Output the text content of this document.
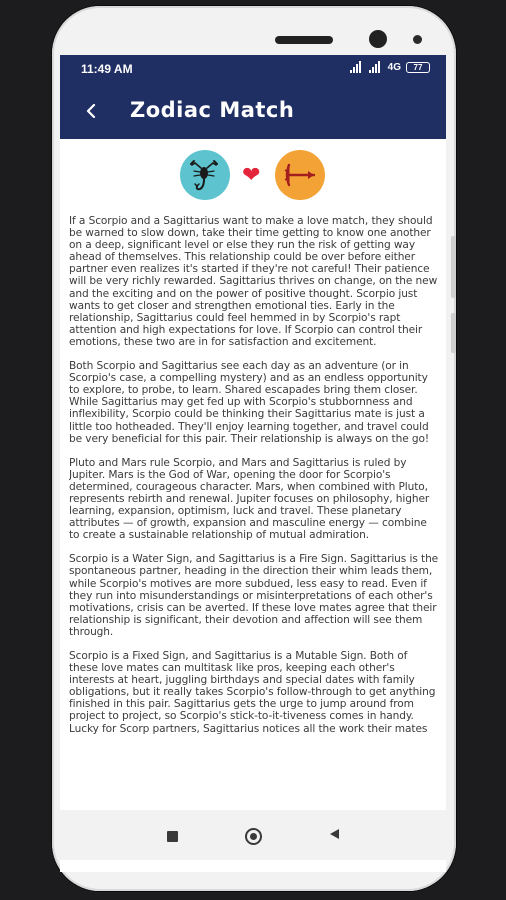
11:49 AM	4G 77
Zodiac Match
❤

If a Scorpio and a Sagittarius want to make a love match, they should be warned to slow down, take their time getting to know one another on a deep, significant level or else they run the risk of getting way ahead of themselves. This relationship could be over before either partner even realizes it's started if they're not careful! Their patience will be very richly rewarded. Sagittarius thrives on change, on the new and the exciting and on the power of positive thought. Scorpio just wants to get closer and strengthen emotional ties. Early in the relationship, Sagittarius could feel hemmed in by Scorpio's rapt attention and high expectations for love. If Scorpio can control their emotions, these two are in for satisfaction and excitement.

Both Scorpio and Sagittarius see each day as an adventure (or in Scorpio's case, a compelling mystery) and as an endless opportunity to explore, to probe, to learn. Shared escapades bring them closer. While Sagittarius may get fed up with Scorpio's stubbornness and inflexibility, Scorpio could be thinking their Sagittarius mate is just a little too hotheaded. They'll enjoy learning together, and travel could be very beneficial for this pair. Their relationship is always on the go!

Pluto and Mars rule Scorpio, and Mars and Sagittarius is ruled by Jupiter. Mars is the God of War, opening the door for Scorpio's determined, courageous character. Mars, when combined with Pluto, represents rebirth and renewal. Jupiter focuses on philosophy, higher learning, expansion, optimism, luck and travel. These planetary attributes — of growth, expansion and masculine energy — combine to create a sustainable relationship of mutual admiration.

Scorpio is a Water Sign, and Sagittarius is a Fire Sign. Sagittarius is the spontaneous partner, heading in the direction their whim leads them, while Scorpio's motives are more subdued, less easy to read. Even if they run into misunderstandings or misinterpretations of each other's motivations, crisis can be averted. If these love mates agree that their relationship is significant, their devotion and affection will see them through.

Scorpio is a Fixed Sign, and Sagittarius is a Mutable Sign. Both of these love mates can multitask like pros, keeping each other's interests at heart, juggling birthdays and special dates with family obligations, but it really takes Scorpio's follow-through to get anything finished in this pair. Sagittarius gets the urge to jump around from project to project, so Scorpio's stick-to-it-tiveness comes in handy. Lucky for Scorp partners, Sagittarius notices all the work their mates
